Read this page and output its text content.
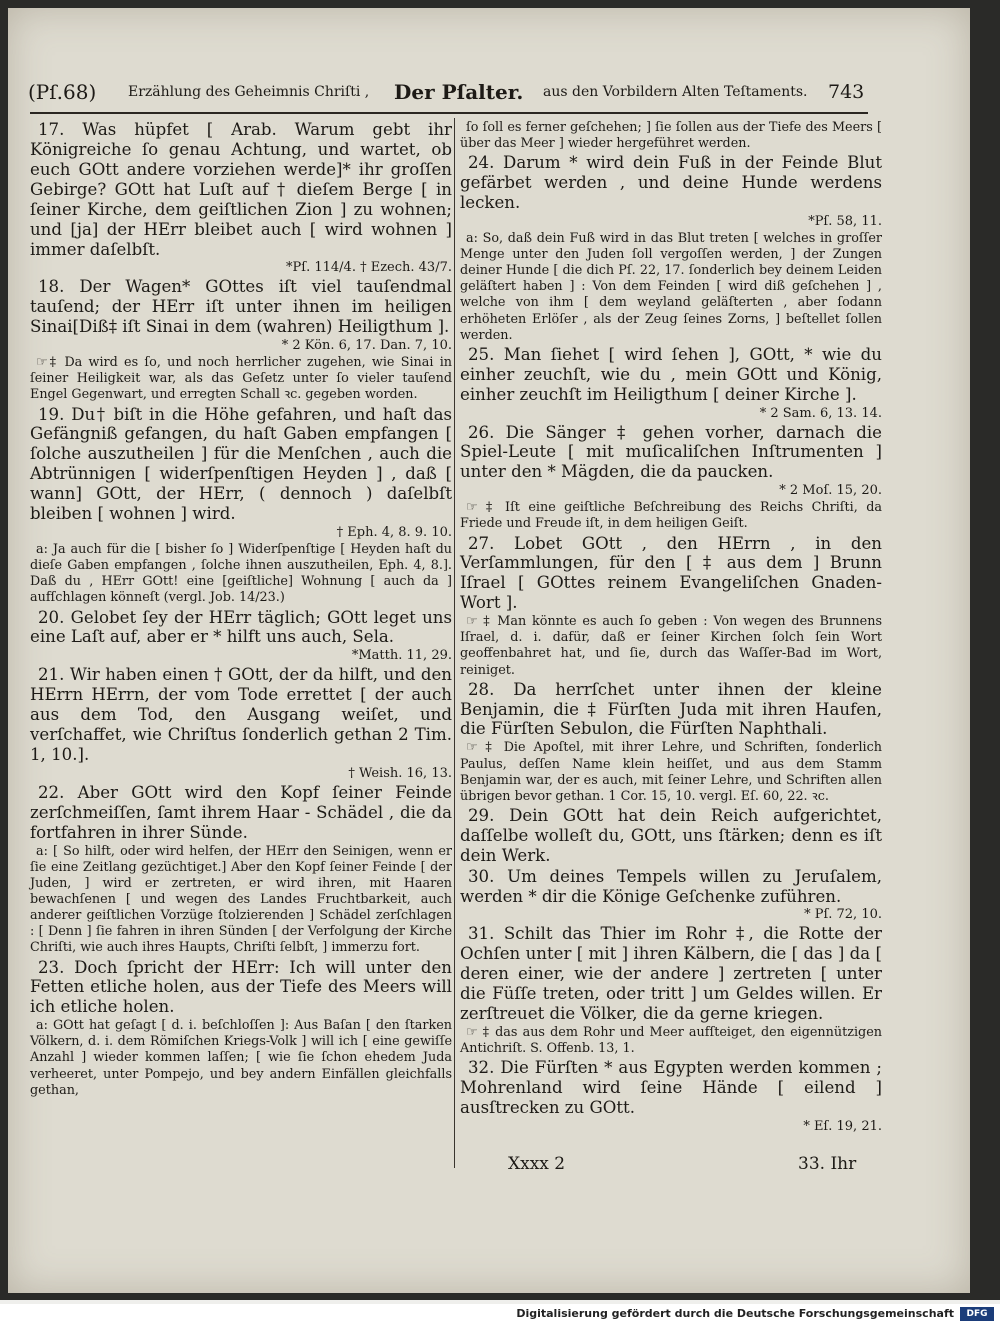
(Pſ.68) Erzählung des Geheimnis Chriſti , Der Pſalter. aus den Vorbildern Alten Teſtaments. 743

17. Was hüpfet [ Arab. Warum gebt ihr Königreiche ſo genau Achtung, und wartet, ob euch GOtt andere vorziehen werde]* ihr groſſen Gebirge? GOtt hat Luſt auf † dieſem Berge [ in ſeiner Kirche, dem geiſtlichen Zion ] zu wohnen; und [ja] der HErr bleibet auch [ wird wohnen ] immer daſelbſt.

*Pſ. 114/4. † Ezech. 43/7.

18. Der Wagen* GOttes iſt viel tauſendmal tauſend; der HErr iſt unter ihnen im heiligen Sinai[Diß‡ iſt Sinai in dem (wahren) Heiligthum ].

* 2 Kön. 6, 17. Dan. 7, 10.

☞‡ Da wird es ſo, und noch herrlicher zugehen, wie Sinai in ſeiner Heiligkeit war, als das Geſetz unter ſo vieler tauſend Engel Gegenwart, und erregten Schall ꝛc. gegeben worden.

19. Du† biſt in die Höhe gefahren, und haſt das Gefängniß gefangen, du haſt Gaben empfangen [ ſolche auszutheilen ] für die Menſchen , auch die Abtrünnigen [ widerſpenſtigen Heyden ] , daß [ wann] GOtt, der HErr, ( dennoch ) daſelbſt bleiben [ wohnen ] wird.

† Eph. 4, 8. 9. 10.

a: Ja auch für die [ bisher ſo ] Widerſpenſtige [ Heyden haſt du dieſe Gaben empfangen , ſolche ihnen auszutheilen, Eph. 4, 8.]. Daß du , HErr GOtt! eine [geiſtliche] Wohnung [ auch da ] aufſchlagen könneſt (vergl. Job. 14/23.)

20. Gelobet ſey der HErr täglich; GOtt leget uns eine Laſt auf, aber er * hilft uns auch, Sela.

*Matth. 11, 29.

21. Wir haben einen † GOtt, der da hilft, und den HErrn HErrn, der vom Tode errettet [ der auch aus dem Tod, den Ausgang weiſet, und verſchaffet, wie Chriſtus ſonderlich gethan 2 Tim. 1, 10.].

† Weish. 16, 13.

22. Aber GOtt wird den Kopf ſeiner Feinde zerſchmeiſſen, ſamt ihrem Haar - Schädel , die da fortfahren in ihrer Sünde.

a: [ So hilft, oder wird helfen, der HErr den Seinigen, wenn er ſie eine Zeitlang gezüchtiget.] Aber den Kopf ſeiner Feinde [ der Juden, ] wird er zertreten, er wird ihren, mit Haaren bewachſenen [ und wegen des Landes Fruchtbarkeit, auch anderer geiſtlichen Vorzüge ſtolzierenden ] Schädel zerſchlagen : [ Denn ] ſie fahren in ihren Sünden [ der Verfolgung der Kirche Chriſti, wie auch ihres Haupts, Chriſti ſelbſt, ] immerzu fort.

23. Doch ſpricht der HErr: Ich will unter den Fetten etliche holen, aus der Tiefe des Meers will ich etliche holen.

a: GOtt hat geſagt [ d. i. beſchloſſen ]: Aus Baſan [ den ſtarken Völkern, d. i. dem Römiſchen Kriegs-Volk ] will ich [ eine gewiſſe Anzahl ] wieder kommen laſſen; [ wie ſie ſchon ehedem Juda verheeret, unter Pompejo, und bey andern Einfällen gleichfalls gethan,

ſo ſoll es ferner geſchehen; ] ſie ſollen aus der Tiefe des Meers [ über das Meer ] wieder hergeführet werden.

24. Darum * wird dein Fuß in der Feinde Blut gefärbet werden , und deine Hunde werdens lecken.

*Pſ. 58, 11.

a: So, daß dein Fuß wird in das Blut treten [ welches in groſſer Menge unter den Juden ſoll vergoſſen werden, ] der Zungen deiner Hunde [ die dich Pſ. 22, 17. ſonderlich bey deinem Leiden geläſtert haben ] : Von dem Feinden [ wird diß geſchehen ] , welche von ihm [ dem weyland geläſterten , aber ſodann erhöheten Erlöſer , als der Zeug ſeines Zorns, ] beſtellet ſollen werden.

25. Man ſiehet [ wird ſehen ], GOtt, * wie du einher zeuchſt, wie du , mein GOtt und König, einher zeuchſt im Heiligthum [ deiner Kirche ].

* 2 Sam. 6, 13. 14.

26. Die Sänger ‡ gehen vorher, darnach die Spiel-Leute [ mit muſicaliſchen Inſtrumenten ] unter den * Mägden, die da paucken.

* 2 Moſ. 15, 20.

☞ ‡ Iſt eine geiſtliche Beſchreibung des Reichs Chriſti, da Friede und Freude iſt, in dem heiligen Geiſt.

27. Lobet GOtt , den HErrn , in den Verſammlungen, für den [ ‡ aus dem ] Brunn Iſrael [ GOttes reinem Evangeliſchen Gnaden-Wort ].

☞ ‡ Man könnte es auch ſo geben : Von wegen des Brunnens Iſrael, d. i. dafür, daß er ſeiner Kirchen ſolch ſein Wort geoffenbahret hat, und ſie, durch das Waſſer-Bad im Wort, reiniget.

28. Da herrſchet unter ihnen der kleine Benjamin, die ‡ Fürſten Juda mit ihren Haufen, die Fürſten Sebulon, die Fürſten Naphthali.

☞ ‡ Die Apoſtel, mit ihrer Lehre, und Schriften, ſonderlich Paulus, deſſen Name klein heiſſet, und aus dem Stamm Benjamin war, der es auch, mit ſeiner Lehre, und Schriften allen übrigen bevor gethan. 1 Cor. 15, 10. vergl. Eſ. 60, 22. ꝛc.

29. Dein GOtt hat dein Reich aufgerichtet, daſſelbe wolleſt du, GOtt, uns ſtärken; denn es iſt dein Werk.

30. Um deines Tempels willen zu Jeruſalem, werden * dir die Könige Geſchenke zuführen.

* Pſ. 72, 10.

31. Schilt das Thier im Rohr ‡, die Rotte der Ochſen unter [ mit ] ihren Kälbern, die [ das ] da [ deren einer, wie der andere ] zertreten [ unter die Füſſe treten, oder tritt ] um Geldes willen. Er zerſtreuet die Völker, die da gerne kriegen.

☞ ‡ das aus dem Rohr und Meer aufſteiget, den eigennützigen Antichriſt. S. Offenb. 13, 1.

32. Die Fürſten * aus Egypten werden kommen ; Mohrenland wird ſeine Hände [ eilend ] ausſtrecken zu GOtt.

* Eſ. 19, 21.

Xxxx 2	33. Ihr
Digitalisierung gefördert durch die Deutsche Forschungsgemeinschaft	DFG
